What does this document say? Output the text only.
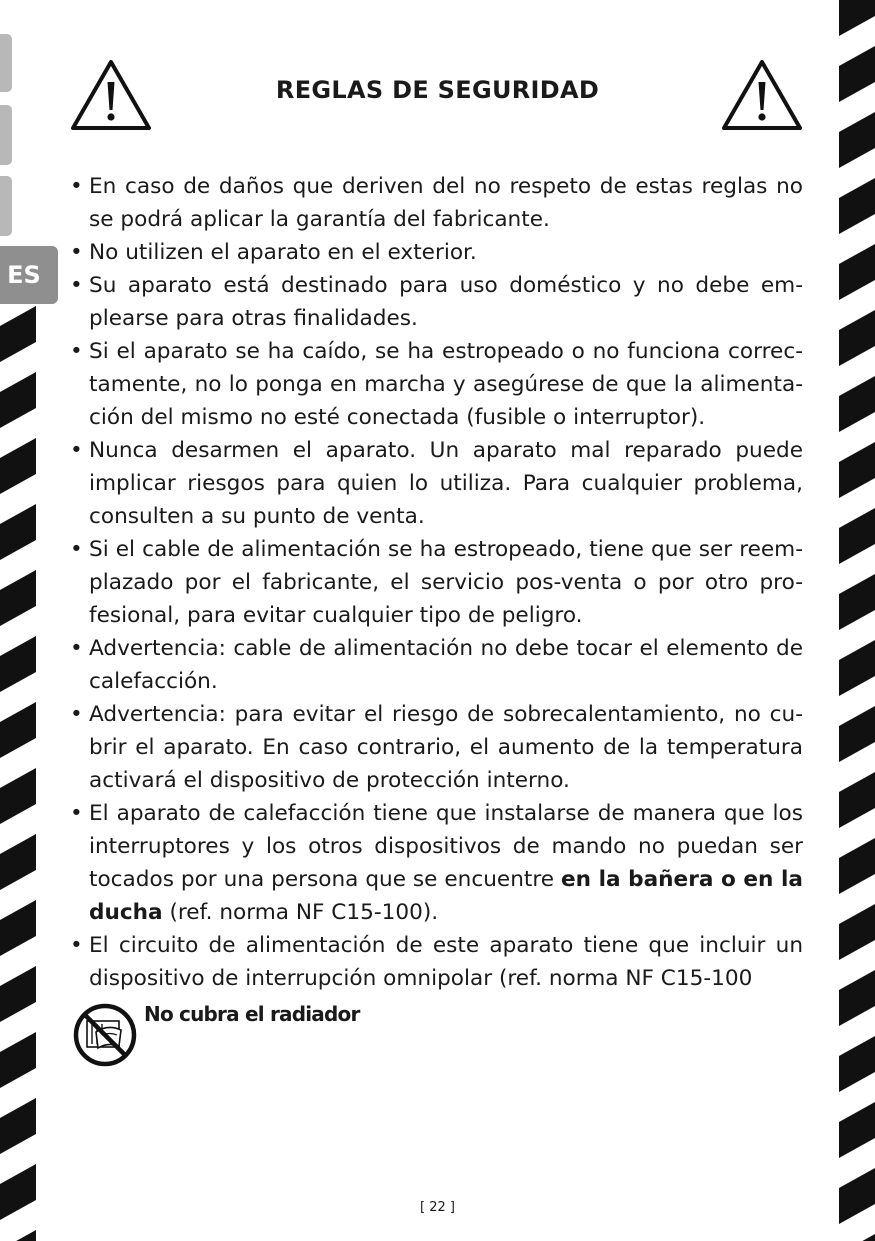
ES
REGLAS DE SEGURIDAD
• En caso de daños que deriven del no respeto de estas reglas no se podrá aplicar la garantía del fabricante.
• No utilizen el aparato en el exterior.
• Su aparato está destinado para uso doméstico y no debe em-plearse para otras finalidades.
• Si el aparato se ha caído, se ha estropeado o no funciona correc-tamente, no lo ponga en marcha y asegúrese de que la alimenta-ción del mismo no esté conectada (fusible o interruptor).
• Nunca desarmen el aparato. Un aparato mal reparado puede implicar riesgos para quien lo utiliza. Para cualquier problema, consulten a su punto de venta.
• Si el cable de alimentación se ha estropeado, tiene que ser reem-plazado por el fabricante, el servicio pos-venta o por otro pro-fesional, para evitar cualquier tipo de peligro.
• Advertencia: cable de alimentación no debe tocar el elemento de calefacción.
• Advertencia: para evitar el riesgo de sobrecalentamiento, no cu-brir el aparato. En caso contrario, el aumento de la temperatura activará el dispositivo de protección interno.
• El aparato de calefacción tiene que instalarse de manera que los interruptores y los otros dispositivos de mando no puedan ser tocados por una persona que se encuentre en la bañera o en la ducha (ref. norma NF C15-100).
• El circuito de alimentación de este aparato tiene que incluir un dispositivo de interrupción omnipolar (ref. norma NF C15-100
No cubra el radiador
[ 22 ]
